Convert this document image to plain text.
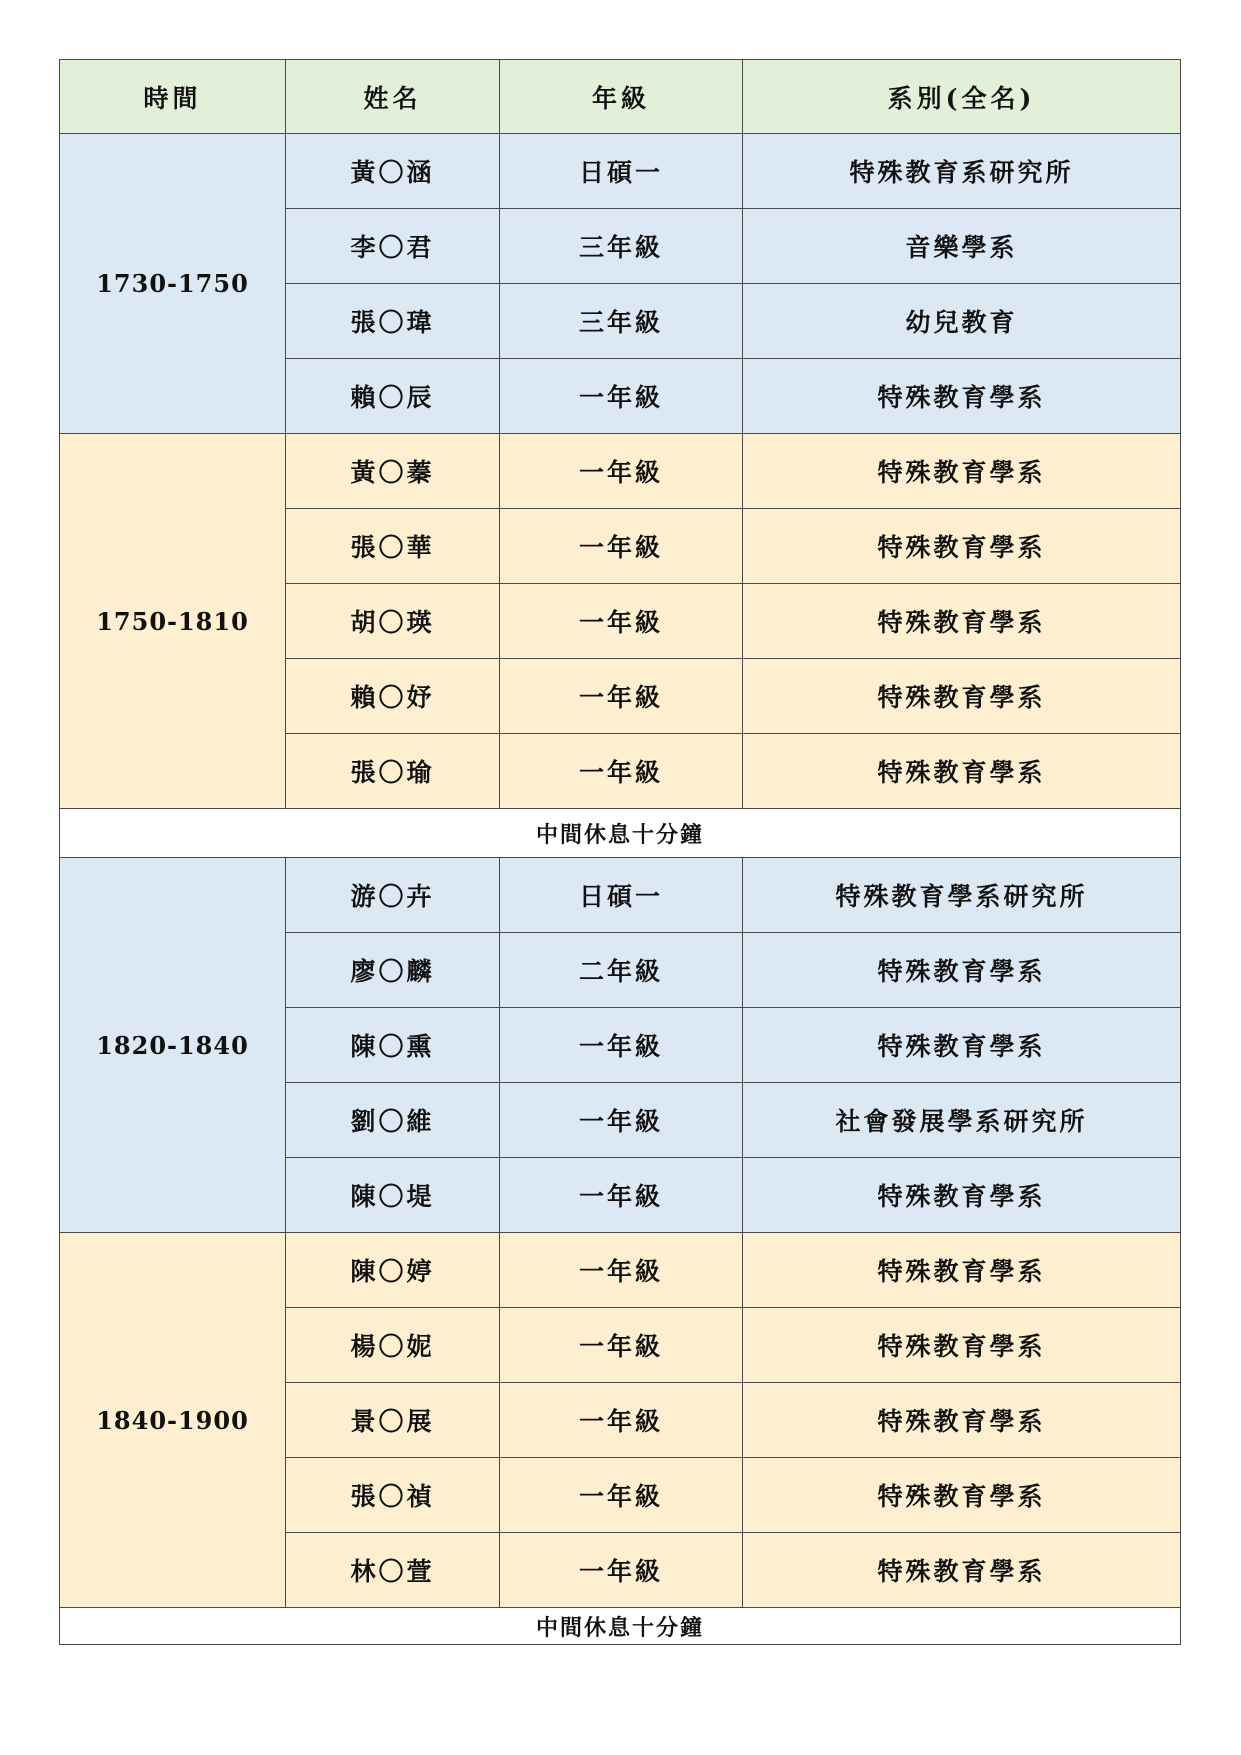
時間	姓名	年級	系別(全名)
1730-1750	黃〇涵	日碩一	特殊教育系研究所
	李〇君	三年級	音樂學系
	張〇瑋	三年級	幼兒教育
	賴〇辰	一年級	特殊教育學系
1750-1810	黃〇蓁	一年級	特殊教育學系
	張〇華	一年級	特殊教育學系
	胡〇瑛	一年級	特殊教育學系
	賴〇妤	一年級	特殊教育學系
	張〇瑜	一年級	特殊教育學系
中間休息十分鐘			
1820-1840	游〇卉	日碩一	特殊教育學系研究所
	廖〇麟	二年級	特殊教育學系
	陳〇熏	一年級	特殊教育學系
	劉〇維	一年級	社會發展學系研究所
	陳〇堤	一年級	特殊教育學系
1840-1900	陳〇婷	一年級	特殊教育學系
	楊〇妮	一年級	特殊教育學系
	景〇展	一年級	特殊教育學系
	張〇禎	一年級	特殊教育學系
	林〇萱	一年級	特殊教育學系
中間休息十分鐘			
